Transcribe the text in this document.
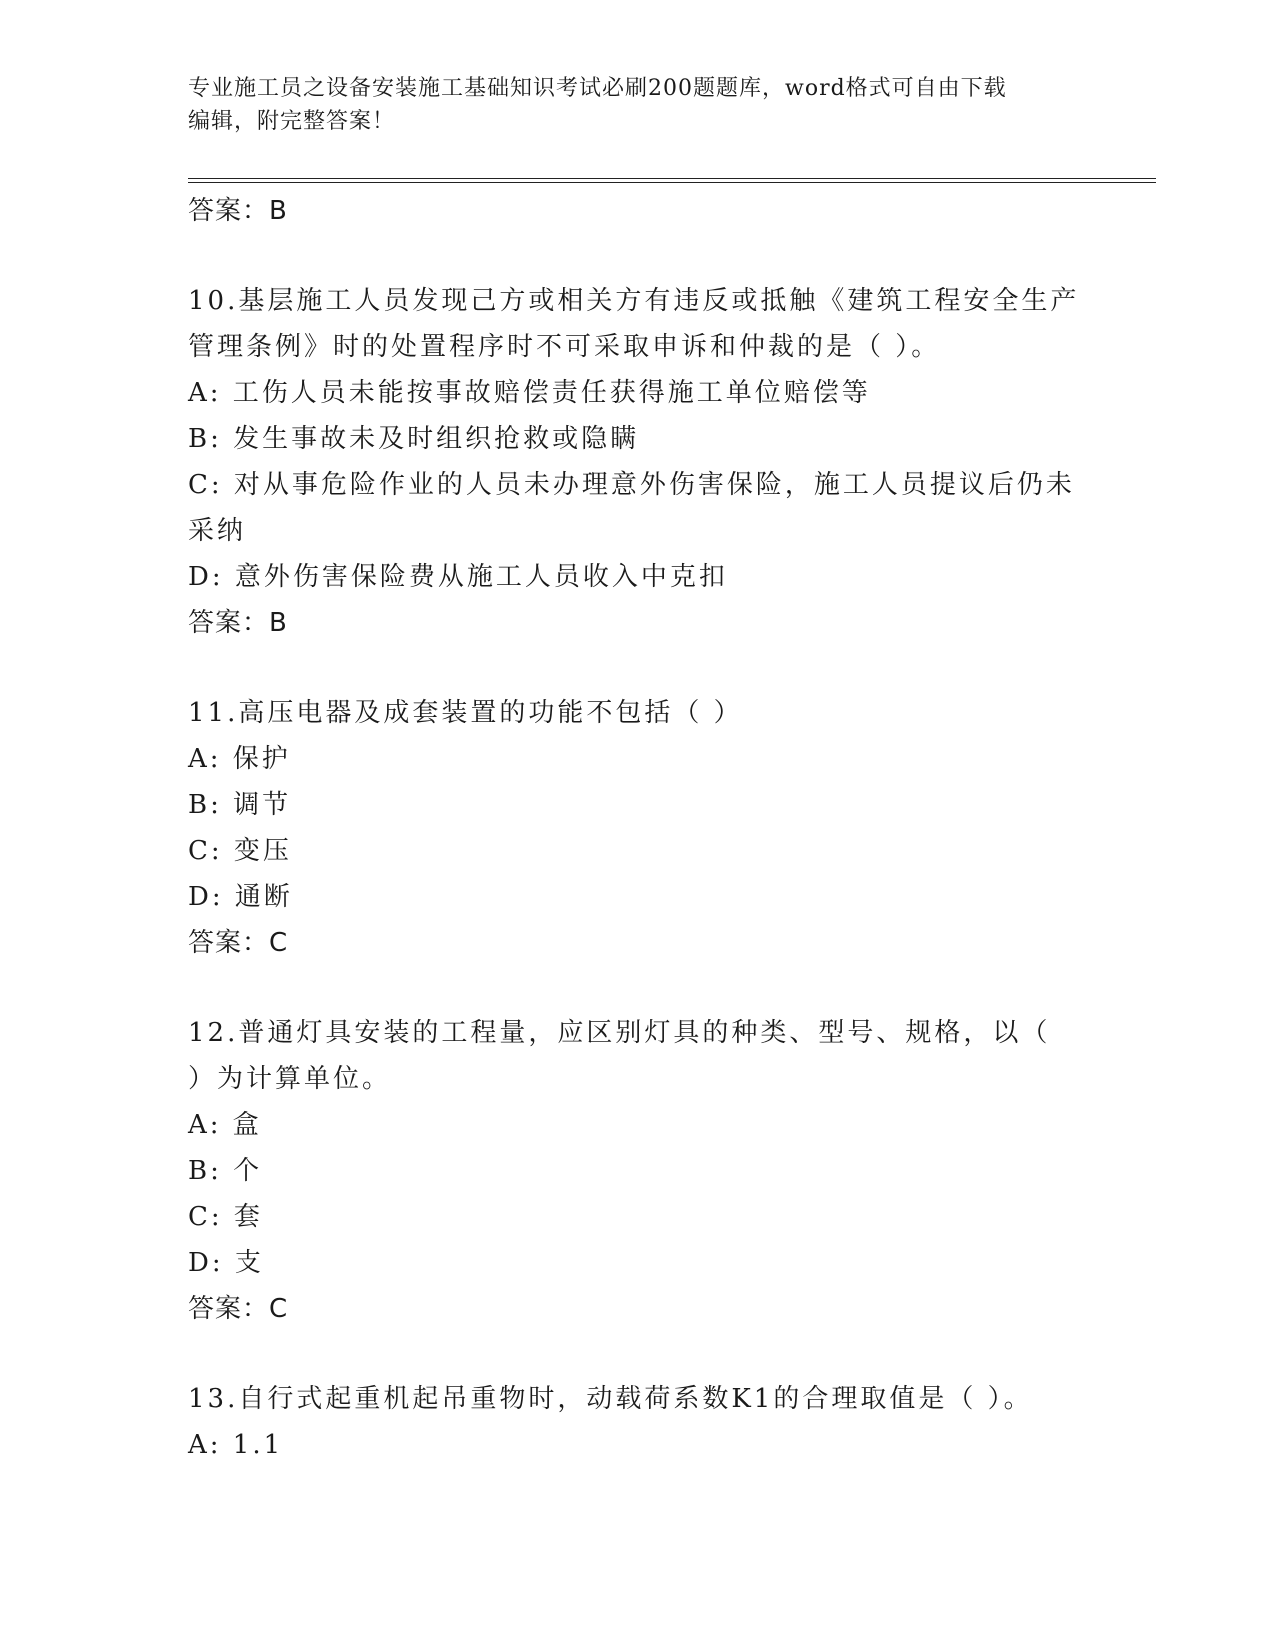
专业施工员之设备安装施工基础知识考试必刷200题题库，word格式可自由下载
编辑，附完整答案！
答案：B
10.基层施工人员发现己方或相关方有违反或抵触《建筑工程安全生产
管理条例》时的处置程序时不可采取申诉和仲裁的是（ ）。
A: 工伤人员未能按事故赔偿责任获得施工单位赔偿等
B: 发生事故未及时组织抢救或隐瞒
C: 对从事危险作业的人员未办理意外伤害保险，施工人员提议后仍未
采纳
D: 意外伤害保险费从施工人员收入中克扣
答案：B
11.高压电器及成套装置的功能不包括（ ）
A: 保护
B: 调节
C: 变压
D: 通断
答案：C
12.普通灯具安装的工程量，应区别灯具的种类、型号、规格，以（
）为计算单位。
A: 盒
B: 个
C: 套
D: 支
答案：C
13.自行式起重机起吊重物时，动载荷系数K1的合理取值是（ ）。
A: 1.1
